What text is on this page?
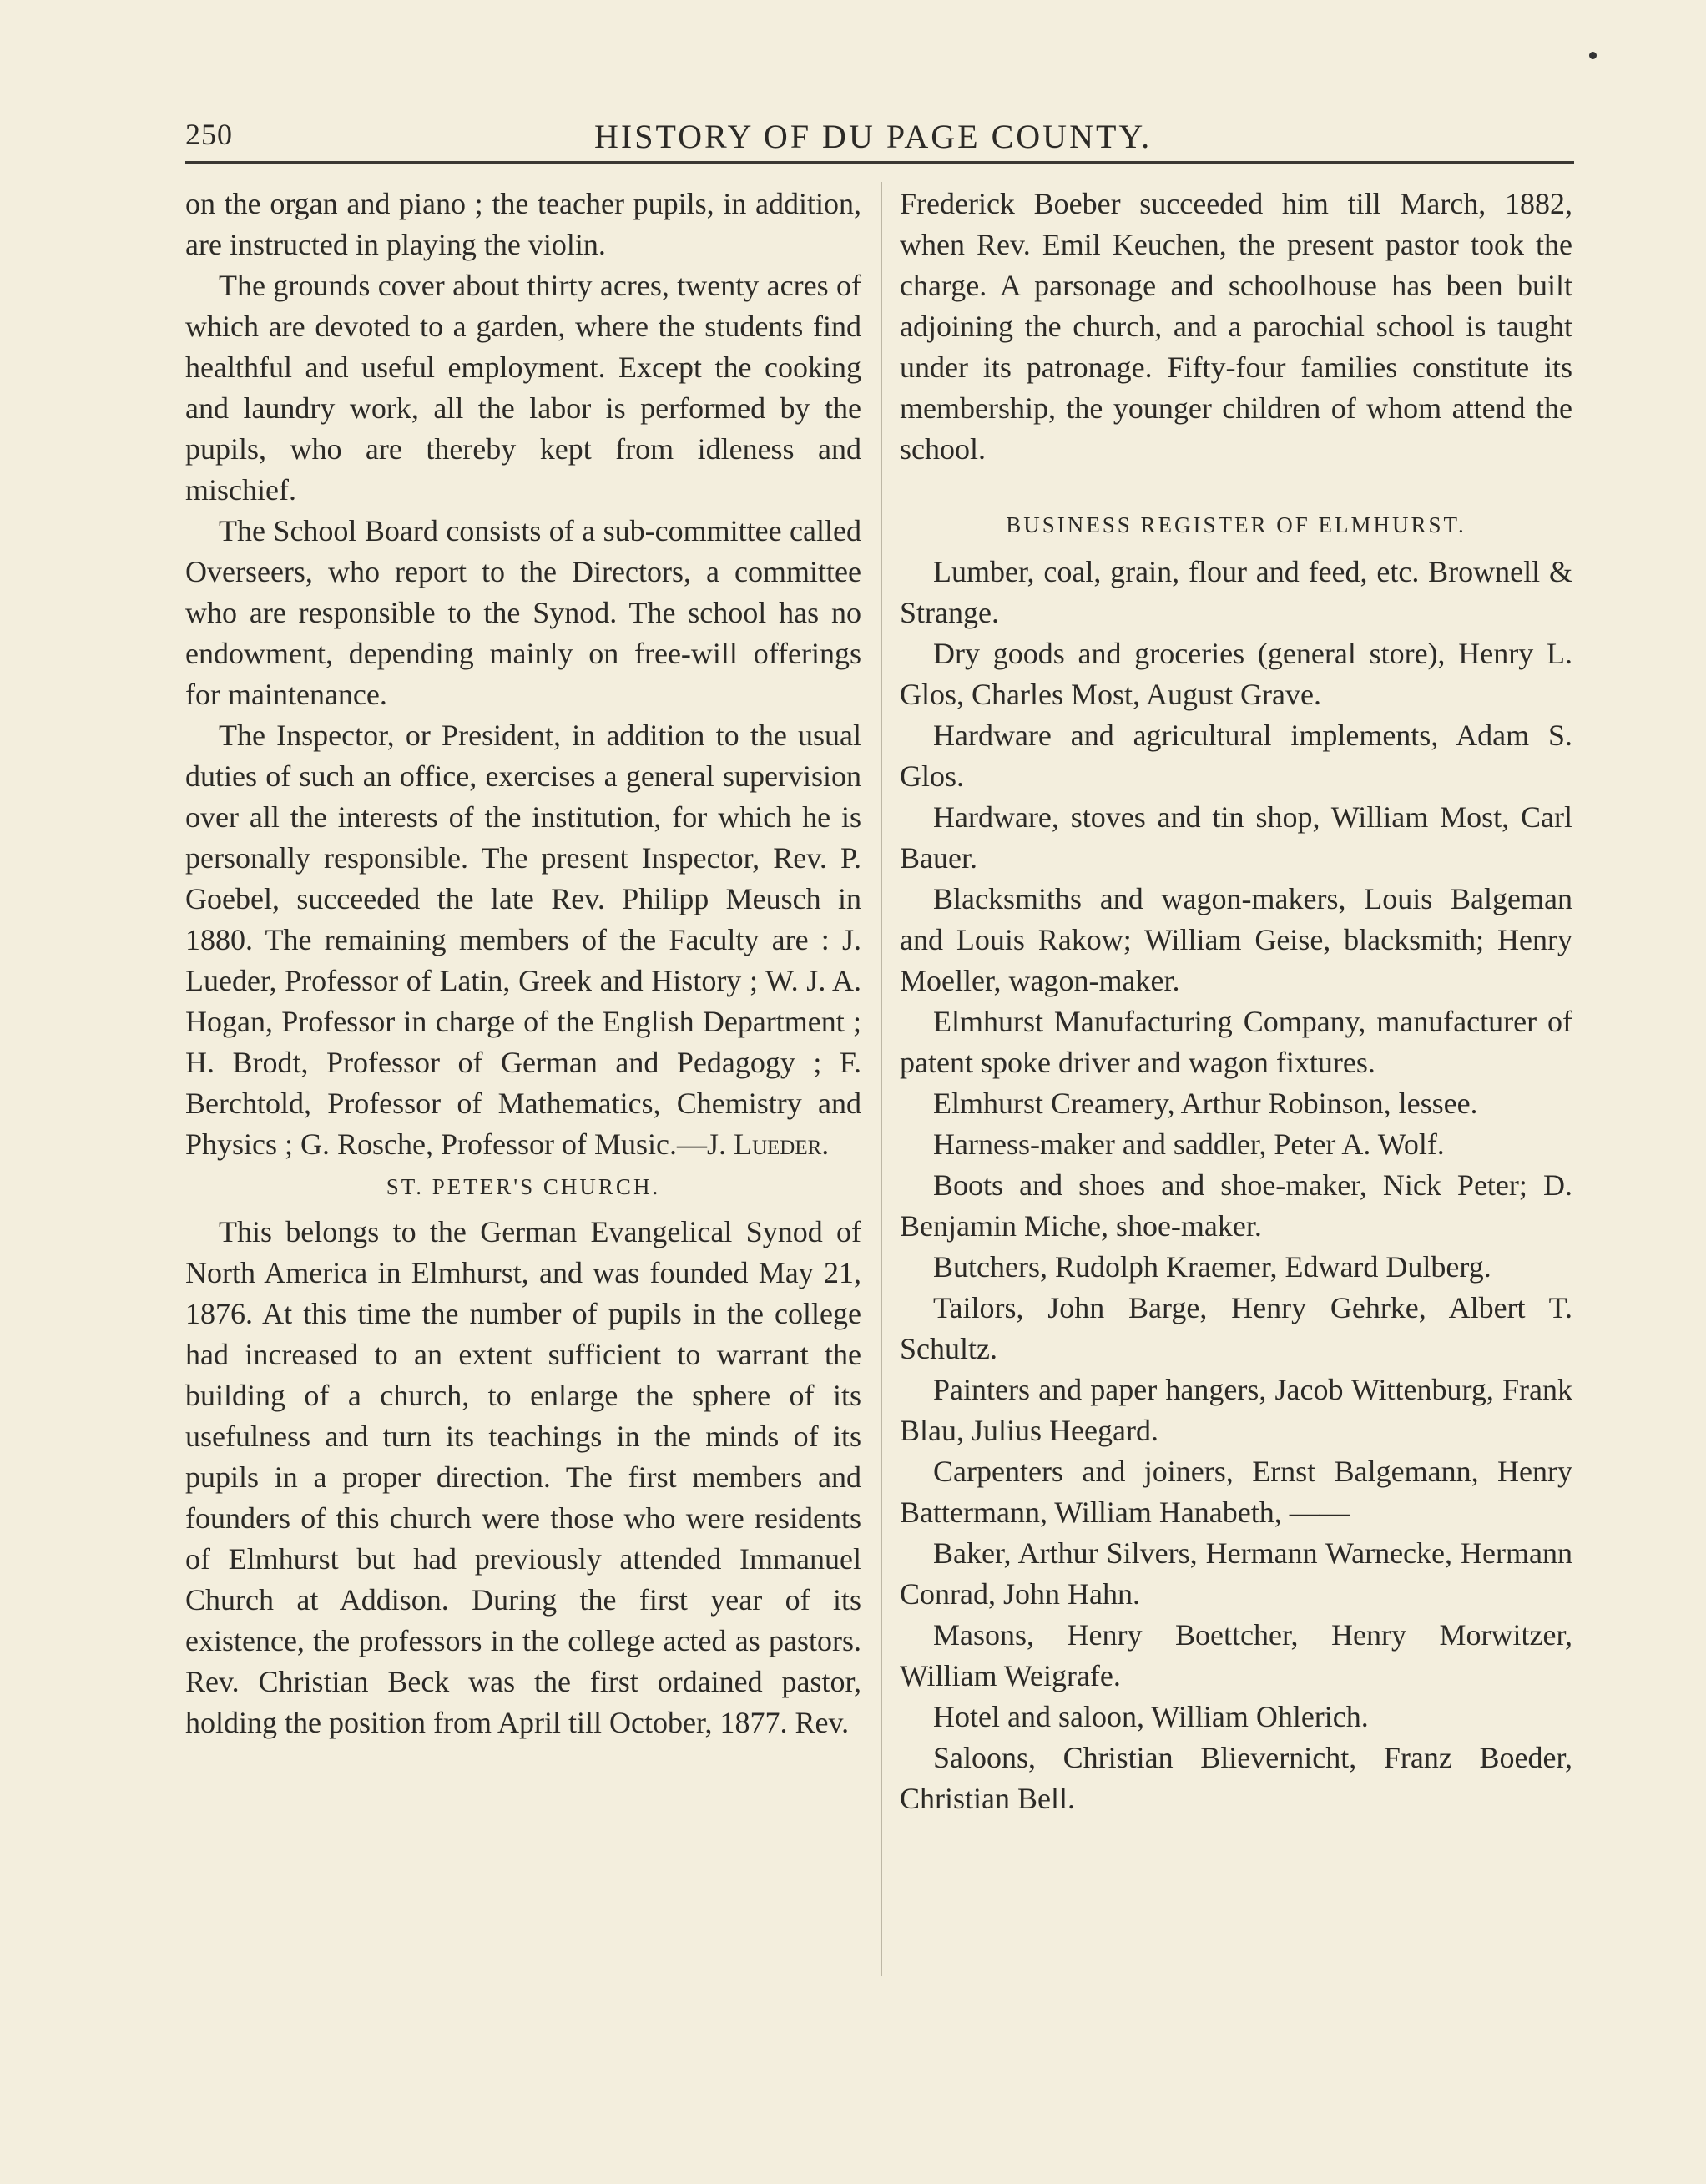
250	HISTORY OF DU PAGE COUNTY.

on the organ and piano ; the teacher pupils, in addition, are instructed in playing the violin.

The grounds cover about thirty acres, twenty acres of which are devoted to a garden, where the students find healthful and useful employment. Except the cooking and laundry work, all the labor is performed by the pupils, who are thereby kept from idleness and mischief.

The School Board consists of a sub-committee called Overseers, who report to the Directors, a committee who are responsible to the Synod. The school has no endowment, depending mainly on free-will offerings for maintenance.

The Inspector, or President, in addition to the usual duties of such an office, exercises a general supervision over all the interests of the institution, for which he is personally responsible. The present Inspector, Rev. P. Goebel, succeeded the late Rev. Philipp Meusch in 1880. The remaining members of the Faculty are : J. Lueder, Professor of Latin, Greek and History ; W. J. A. Hogan, Professor in charge of the English Department ; H. Brodt, Professor of German and Pedagogy ; F. Berchtold, Professor of Mathematics, Chemistry and Physics ; G. Rosche, Professor of Music.—J. Lueder.

ST. PETER'S CHURCH.

This belongs to the German Evangelical Synod of North America in Elmhurst, and was founded May 21, 1876. At this time the number of pupils in the college had increased to an extent sufficient to warrant the building of a church, to enlarge the sphere of its usefulness and turn its teachings in the minds of its pupils in a proper direction. The first members and founders of this church were those who were residents of Elmhurst but had previously attended Immanuel Church at Addison. During the first year of its existence, the professors in the college acted as pastors. Rev. Christian Beck was the first ordained pastor, holding the position from April till October, 1877. Rev.

Frederick Boeber succeeded him till March, 1882, when Rev. Emil Keuchen, the present pastor took the charge. A parsonage and schoolhouse has been built adjoining the church, and a parochial school is taught under its patronage. Fifty-four families constitute its membership, the younger children of whom attend the school.

BUSINESS REGISTER OF ELMHURST.

Lumber, coal, grain, flour and feed, etc. Brownell & Strange.

Dry goods and groceries (general store), Henry L. Glos, Charles Most, August Grave.

Hardware and agricultural implements, Adam S. Glos.

Hardware, stoves and tin shop, William Most, Carl Bauer.

Blacksmiths and wagon-makers, Louis Balgeman and Louis Rakow; William Geise, blacksmith; Henry Moeller, wagon-maker.

Elmhurst Manufacturing Company, manufacturer of patent spoke driver and wagon fixtures.

Elmhurst Creamery, Arthur Robinson, lessee.

Harness-maker and saddler, Peter A. Wolf.

Boots and shoes and shoe-maker, Nick Peter; D. Benjamin Miche, shoe-maker.

Butchers, Rudolph Kraemer, Edward Dulberg.

Tailors, John Barge, Henry Gehrke, Albert T. Schultz.

Painters and paper hangers, Jacob Wittenburg, Frank Blau, Julius Heegard.

Carpenters and joiners, Ernst Balgemann, Henry Battermann, William Hanabeth, ——

Baker, Arthur Silvers, Hermann Warnecke, Hermann Conrad, John Hahn.

Masons, Henry Boettcher, Henry Morwitzer, William Weigrafe.

Hotel and saloon, William Ohlerich.

Saloons, Christian Blievernicht, Franz Boeder, Christian Bell.
